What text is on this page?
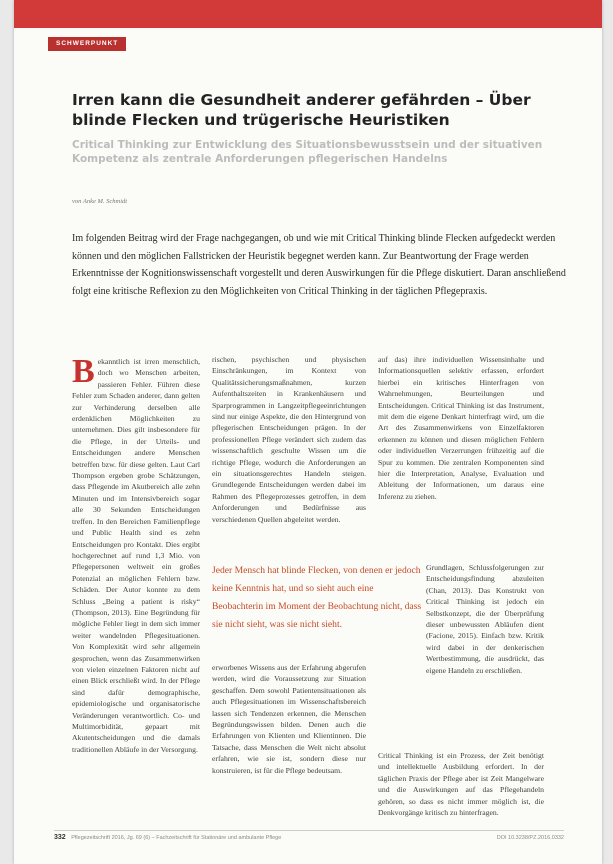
SCHWERPUNKT
Irren kann die Gesundheit anderer gefährden – Über blinde Flecken und trügerische Heuristiken
Critical Thinking zur Entwicklung des Situationsbewusstsein und der situativen Kompetenz als zentrale Anforderungen pflegerischen Handelns
von Anke M. Schmidt

Im folgenden Beitrag wird der Frage nachgegangen, ob und wie mit Critical Thinking blinde Flecken aufgedeckt werden können und den möglichen Fallstricken der Heuristik begegnet werden kann. Zur Beantwortung der Frage werden Erkenntnisse der Kognitionswissenschaft vorgestellt und deren Auswirkungen für die Pflege diskutiert. Daran anschließend folgt eine kritische Reflexion zu den Möglichkeiten von Critical Thinking in der täglichen Pflegepraxis.

B ekanntlich ist irren menschlich, doch wo Menschen arbeiten, passieren Fehler. Führen diese Fehler zum Schaden anderer, dann gelten zur Verhinderung derselben alle erdenklichen Möglichkeiten zu unternehmen. Dies gilt insbesondere für die Pflege, in der Urteils- und Entscheidungen andere Menschen betreffen bzw. für diese gelten. Laut Carl Thompson ergeben grobe Schätzungen, dass Pflegende im Akutbereich alle zehn Minuten und im Intensivbereich sogar alle 30 Sekunden Entscheidungen treffen. In den Bereichen Familienpflege und Public Health sind es zehn Entscheidungen pro Kontakt. Dies ergibt hochgerechnet auf rund 1,3 Mio. von Pflegepersonen weltweit ein großes Potenzial an möglichen Fehlern bzw. Schäden. Der Autor konnte zu dem Schluss „Being a patient is risky“ (Thompson, 2013). Eine Begründung für mögliche Fehler liegt in dem sich immer weiter wandelnden Pflegesituationen. Von Komplexität wird sehr allgemein gesprochen, wenn das Zusammenwirken von vielen einzelnen Faktoren nicht auf einen Blick erschließt wird. In der Pflege sind dafür demographische, epidemiologische und organisatorische Veränderungen verantwortlich. Co- und Multimorbidität, gepaart mit Akutentscheidungen und die damals traditionellen Abläufe in der Versorgung.

rischen, psychischen und physischen Einschränkungen, im Kontext von Qualitätssicherungsmaßnahmen, kurzen Aufenthaltszeiten in Krankenhäusern und Sparprogrammen in Langzeitpflegeeinrichtungen sind nur einige Aspekte, die den Hintergrund von pflegerischen Entscheidungen prägen. In der professionellen Pflege verändert sich zudem das wissenschaftlich geschulte Wissen um die richtige Pflege, wodurch die Anforderungen an ein situationsgerechtes Handeln steigen. Grundlegende Entscheidungen werden dabei im Rahmen des Pflegeprozesses getroffen, in dem Anforderungen und Bedürfnisse aus verschiedenen Quellen abgeleitet werden.

erworbenes Wissens aus der Erfahrung abgerufen werden, wird die Voraussetzung zur Situation geschaffen. Dem sowohl Patientensituationen als auch Pflegesituationen im Wissenschaftsbereich lassen sich Tendenzen erkennen, die Menschen Begründungswissen bilden. Denen auch die Erfahrungen von Klienten und Klientinnen. Die Tatsache, dass Menschen die Welt nicht absolut erfahren, wie sie ist, sondern diese nur konstruieren, ist für die Pflege bedeutsam.

auf das) ihre individuellen Wissensinhalte und Informationsquellen selektiv erfassen, erfordert hierbei ein kritisches Hinterfragen von Wahrnehmungen, Beurteilungen und Entscheidungen. Critical Thinking ist das Instrument, mit dem die eigene Denkart hinterfragt wird, um die Art des Zusammenwirkens von Einzelfaktoren erkennen zu können und diesen möglichen Fehlern oder individuellen Verzerrungen frühzeitig auf die Spur zu kommen. Die zentralen Komponenten sind hier die Interpretation, Analyse, Evaluation und Ableitung der Informationen, um daraus eine Inferenz zu ziehen.

Grundlagen, Schlussfolgerungen zur Entscheidungsfindung abzuleiten (Chan, 2013). Das Konstrukt von Critical Thinking ist jedoch ein Selbstkonzept, die der Überprüfung dieser unbewussten Abläufen dient (Facione, 2015). Einfach bzw. Kritik wird dabei in der denkerischen Wertbestimmung, die ausdrückt, das eigene Handeln zu erschließen.

Critical Thinking ist ein Prozess, der Zeit benötigt und intellektuelle Ausbildung erfordert. In der täglichen Praxis der Pflege aber ist Zeit Mangelware und die Auswirkungen auf das Pflegehandeln gehören, so dass es nicht immer möglich ist, die Denkvorgänge kritisch zu hinterfragen.

Jeder Mensch hat blinde Flecken, von denen er jedoch keine Kenntnis hat, und so sieht auch eine Beobachterin im Moment der Beobachtung nicht, dass sie nicht sieht, was sie nicht sieht.

332 Pflegezeitschrift 2016, Jg. 69 (6) – Fachzeitschrift für Stationäre und ambulante Pflege	DOI 10.3238/PZ.2016.0332
